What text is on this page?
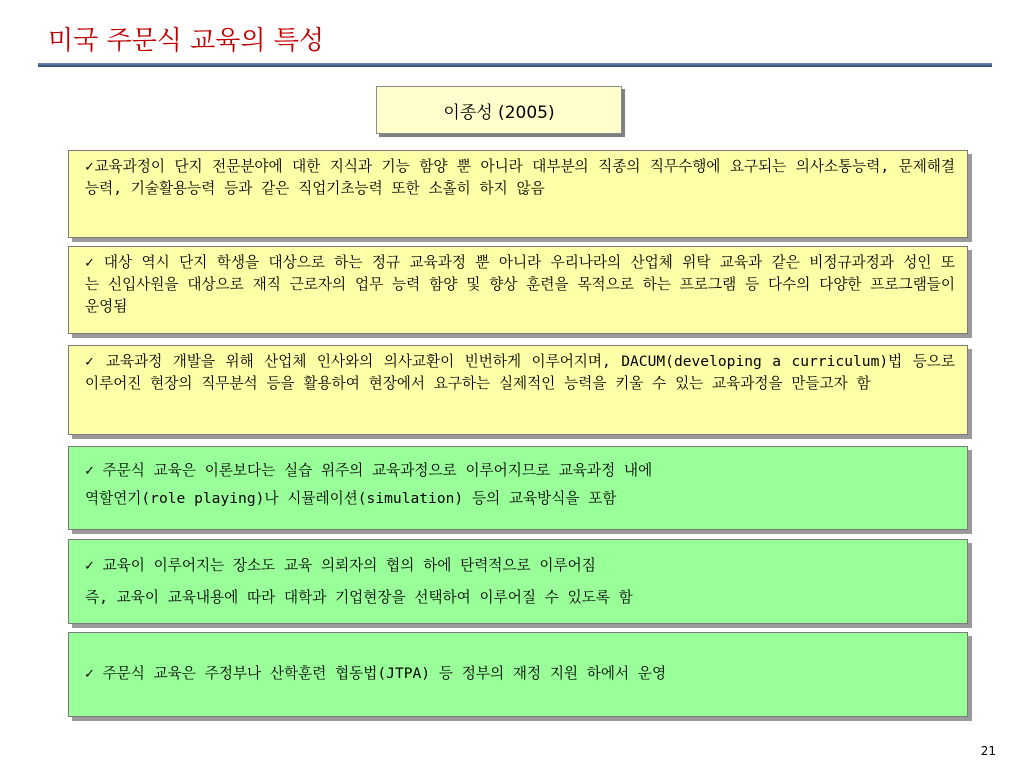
미국 주문식 교육의 특성
이종성 (2005)

✓교육과정이 단지 전문분야에 대한 지식과 기능 함양 뿐 아니라 대부분의 직종의 직무수행에 요구되는 의사소통능력, 문제해결능력, 기술활용능력 등과 같은 직업기초능력 또한 소홀히 하지 않음

✓ 대상 역시 단지 학생을 대상으로 하는 정규 교육과정 뿐 아니라 우리나라의 산업체 위탁 교육과 같은 비정규과정과 성인 또는 신입사원을 대상으로 재직 근로자의 업무 능력 함양 및 향상 훈련을 목적으로 하는 프로그램 등 다수의 다양한 프로그램들이 운영됨

✓ 교육과정 개발을 위해 산업체 인사와의 의사교환이 빈번하게 이루어지며, DACUM(developing a curriculum)법 등으로 이루어진 현장의 직무분석 등을 활용하여 현장에서 요구하는 실제적인 능력을 키울 수 있는 교육과정을 만들고자 함

✓ 주문식 교육은 이론보다는 실습 위주의 교육과정으로 이루어지므로 교육과정 내에

역할연기(role playing)나 시뮬레이션(simulation) 등의 교육방식을 포함

✓ 교육이 이루어지는 장소도 교육 의뢰자의 협의 하에 탄력적으로 이루어짐

즉, 교육이 교육내용에 따라 대학과 기업현장을 선택하여 이루어질 수 있도록 함

✓ 주문식 교육은 주정부나 산학훈련 협동법(JTPA) 등 정부의 재정 지원 하에서 운영

21
